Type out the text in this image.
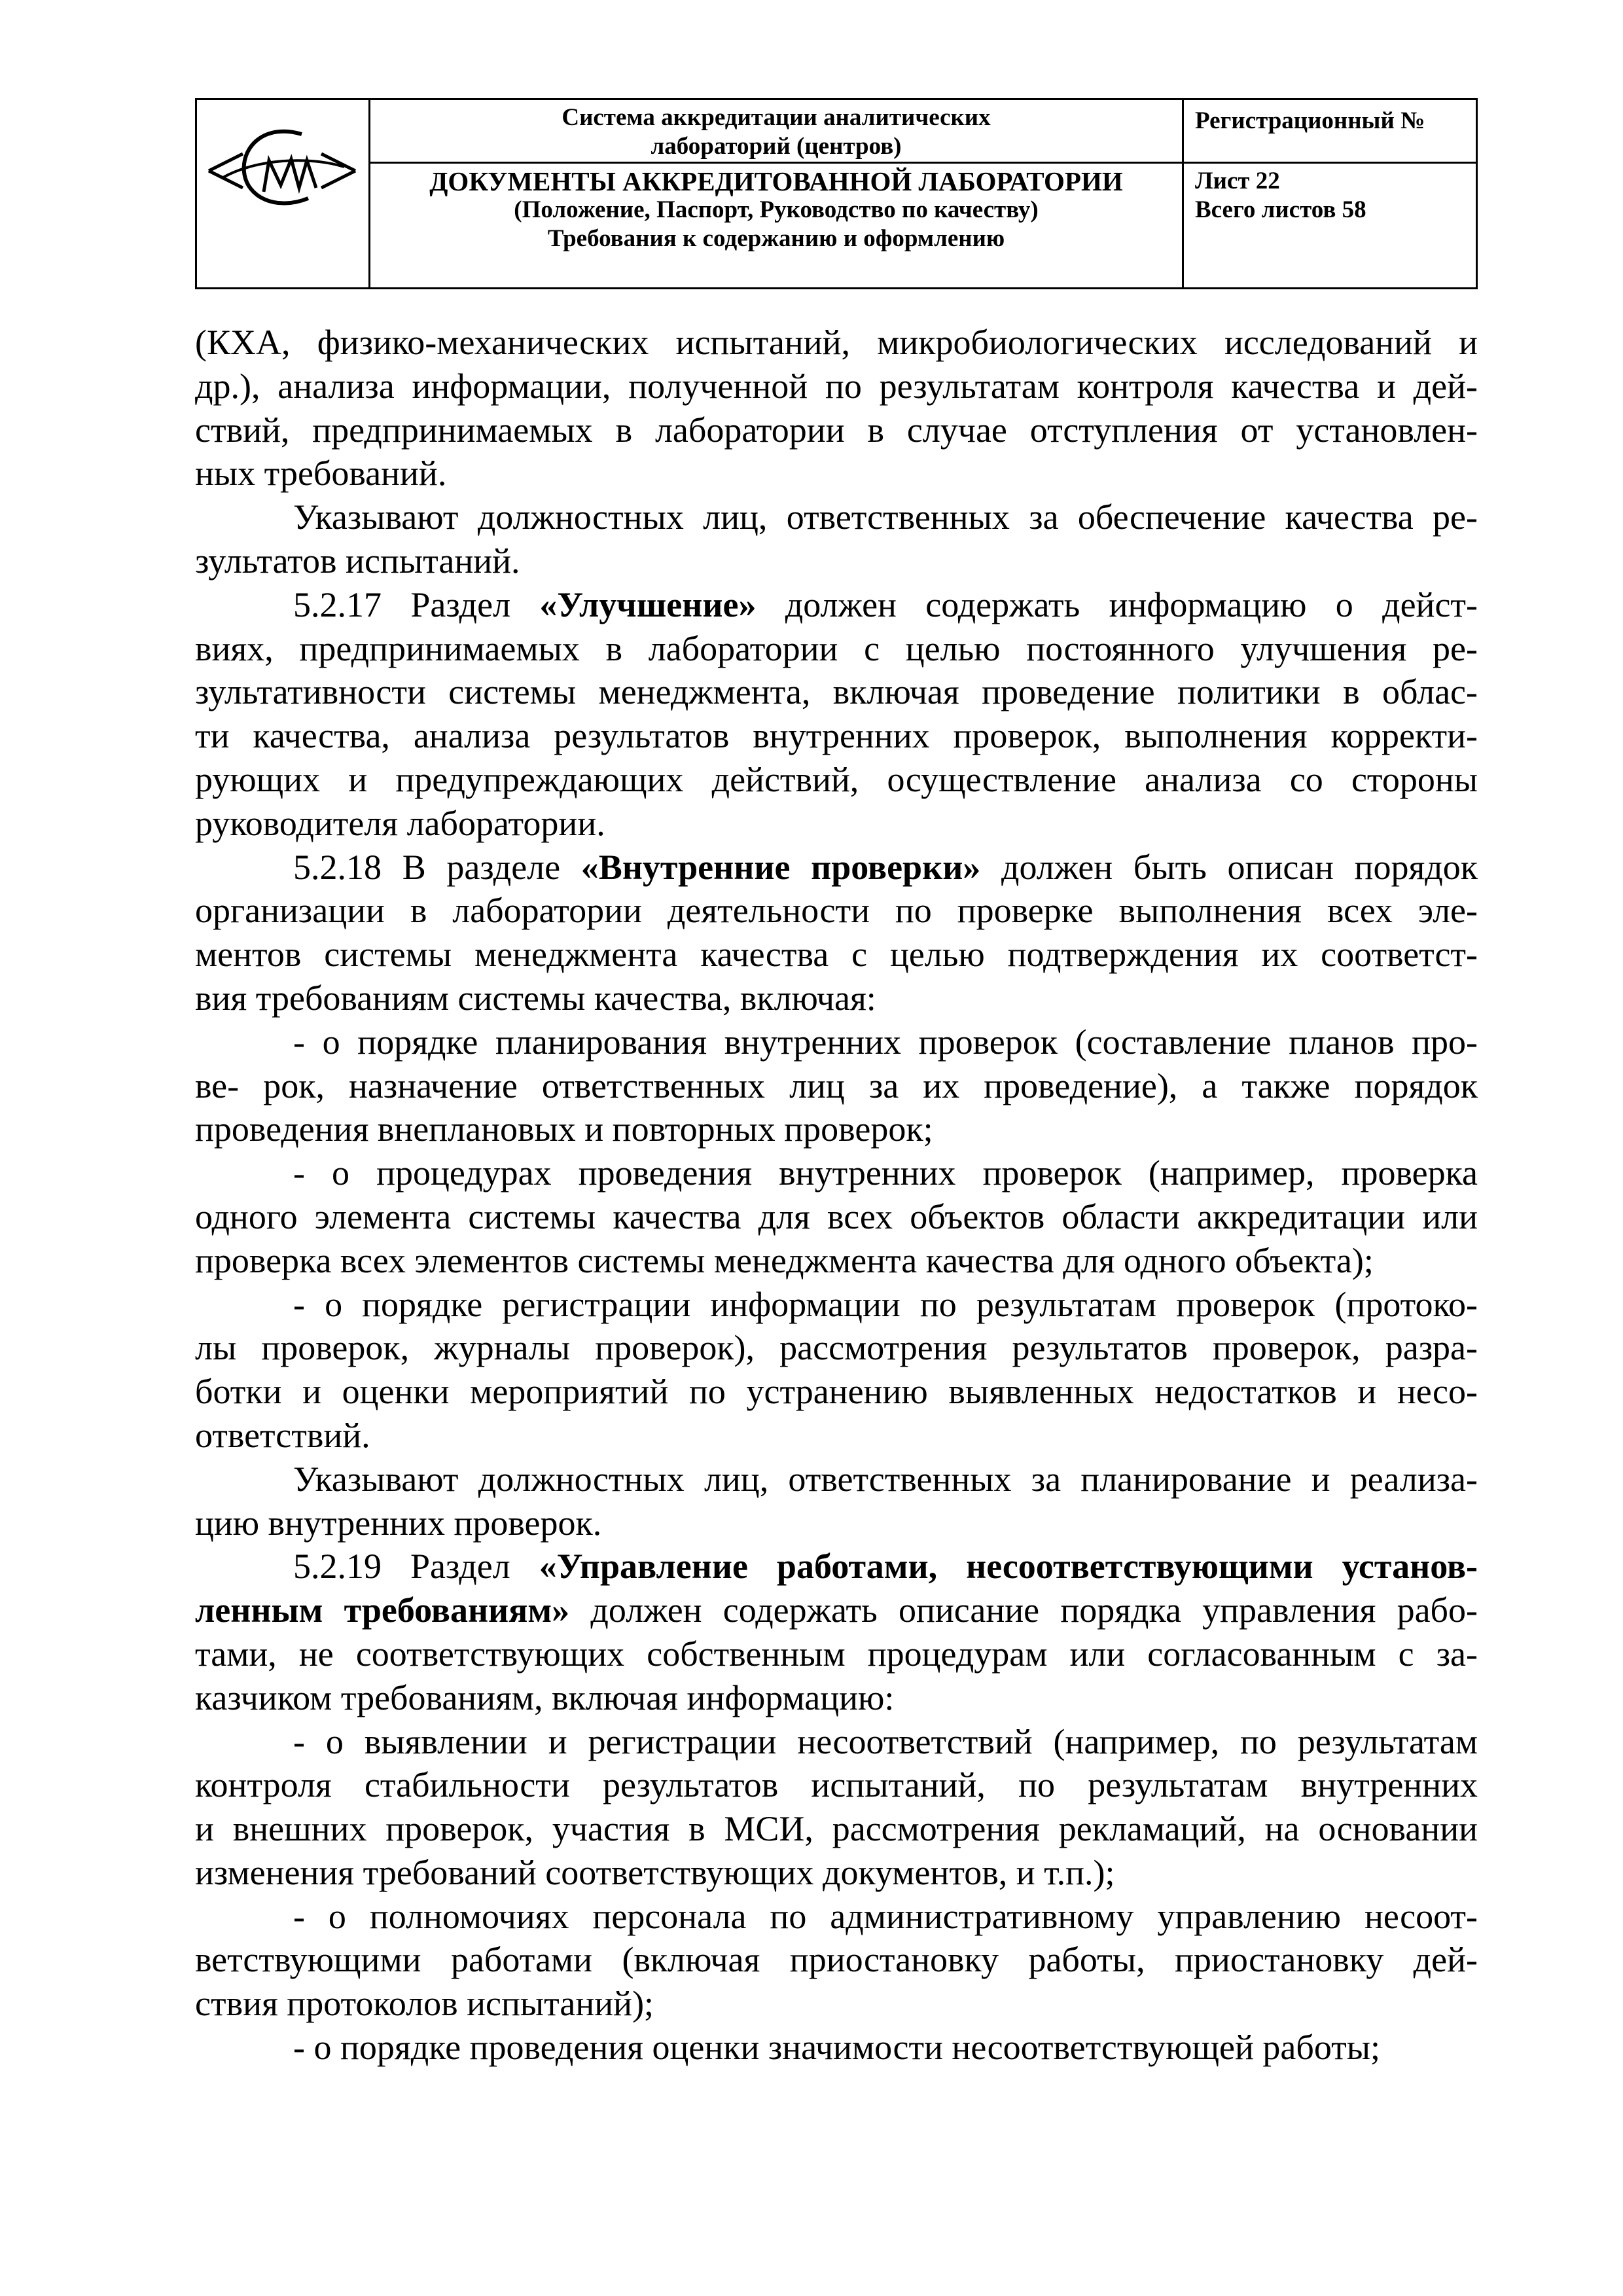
Система аккредитации аналитических
лабораторий (центров)
ДОКУМЕНТЫ АККРЕДИТОВАННОЙ ЛАБОРАТОРИИ
(Положение, Паспорт, Руководство по качеству)
Требования к содержанию и оформлению
Регистрационный №
Лист 22
Всего листов 58

(КХА, физико-механических испытаний, микробиологических исследований и

др.), анализа информации, полученной по результатам контроля качества и дей-

ствий, предпринимаемых в лаборатории в случае отступления от установлен-

ных требований.

Указывают должностных лиц, ответственных за обеспечение качества ре-

зультатов испытаний.

5.2.17 Раздел «Улучшение» должен содержать информацию о дейст-

виях, предпринимаемых в лаборатории с целью постоянного улучшения ре-

зультативности системы менеджмента, включая проведение политики в облас-

ти качества, анализа результатов внутренних проверок, выполнения корректи-

рующих и предупреждающих действий, осуществление анализа со стороны

руководителя лаборатории.

5.2.18 В разделе «Внутренние проверки» должен быть описан порядок

организации в лаборатории деятельности по проверке выполнения всех эле-

ментов системы менеджмента качества с целью подтверждения их соответст-

вия требованиям системы качества, включая:

- о порядке планирования внутренних проверок (составление планов про-

ве- рок, назначение ответственных лиц за их проведение), а также порядок

проведения внеплановых и повторных проверок;

- о процедурах проведения внутренних проверок (например, проверка

одного элемента системы качества для всех объектов области аккредитации или

проверка всех элементов системы менеджмента качества для одного объекта);

- о порядке регистрации информации по результатам проверок (протоко-

лы проверок, журналы проверок), рассмотрения результатов проверок, разра-

ботки и оценки мероприятий по устранению выявленных недостатков и несо-

ответствий.

Указывают должностных лиц, ответственных за планирование и реализа-

цию внутренних проверок.

5.2.19 Раздел «Управление работами, несоответствующими установ-

ленным требованиям» должен содержать описание порядка управления рабо-

тами, не соответствующих собственным процедурам или согласованным с за-

казчиком требованиям, включая информацию:

- о выявлении и регистрации несоответствий (например, по результатам

контроля стабильности результатов испытаний, по результатам внутренних

и внешних проверок, участия в МСИ, рассмотрения рекламаций, на основании

изменения требований соответствующих документов, и т.п.);

- о полномочиях персонала по административному управлению несоот-

ветствующими работами (включая приостановку работы, приостановку дей-

ствия протоколов испытаний);

- о порядке проведения оценки значимости несоответствующей работы;
